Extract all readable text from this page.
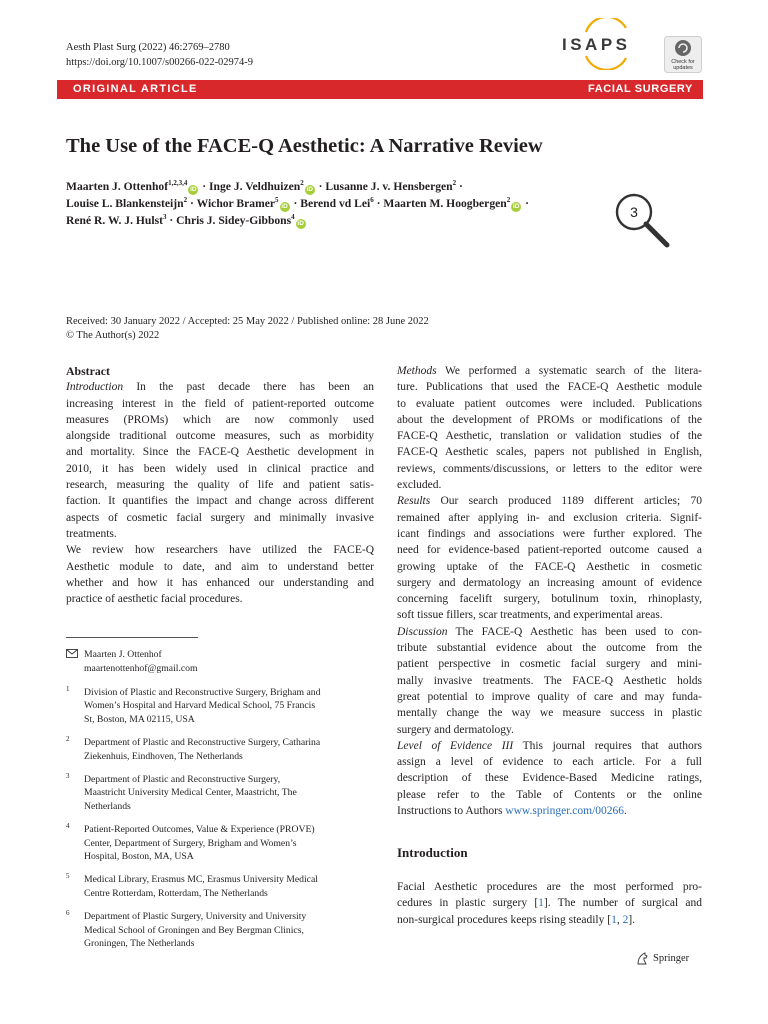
Aesth Plast Surg (2022) 46:2769–2780
https://doi.org/10.1007/s00266-022-02974-9
ISAPS
Check for
updates
ORIGINAL ARTICLE	FACIAL SURGERY
The Use of the FACE-Q Aesthetic: A Narrative Review
Maarten J. Ottenhof$^{1,2,3,4}$iD · Inge J. Veldhuizen$^2$iD · Lusanne J. v. Hensbergen$^2$ ·
Louise L. Blankensteijn$^2$ · Wichor Bramer$^5$iD · Berend vd Lei$^6$ · Maarten M. Hoogbergen$^2$iD ·
René R. W. J. Hulst$^3$ · Chris J. Sidey-Gibbons$^4$iD
3
Received: 30 January 2022 / Accepted: 25 May 2022 / Published online: 28 June 2022
© The Author(s) 2022
Abstract
Introduction In the past decade there has been an
increasing interest in the field of patient-reported outcome
measures (PROMs) which are now commonly used
alongside traditional outcome measures, such as morbidity
and mortality. Since the FACE-Q Aesthetic development in
2010, it has been widely used in clinical practice and
research, measuring the quality of life and patient satis-
faction. It quantifies the impact and change across different
aspects of cosmetic facial surgery and minimally invasive
treatments.
We review how researchers have utilized the FACE-Q
Aesthetic module to date, and aim to understand better
whether and how it has enhanced our understanding and
practice of aesthetic facial procedures.
Methods We performed a systematic search of the litera-
ture. Publications that used the FACE-Q Aesthetic module
to evaluate patient outcomes were included. Publications
about the development of PROMs or modifications of the
FACE-Q Aesthetic, translation or validation studies of the
FACE-Q Aesthetic scales, papers not published in English,
reviews, comments/discussions, or letters to the editor were
excluded.
Results Our search produced 1189 different articles; 70
remained after applying in- and exclusion criteria. Signif-
icant findings and associations were further explored. The
need for evidence-based patient-reported outcome caused a
growing uptake of the FACE-Q Aesthetic in cosmetic
surgery and dermatology an increasing amount of evidence
concerning facelift surgery, botulinum toxin, rhinoplasty,
soft tissue fillers, scar treatments, and experimental areas.
Discussion The FACE-Q Aesthetic has been used to con-
tribute substantial evidence about the outcome from the
patient perspective in cosmetic facial surgery and mini-
mally invasive treatments. The FACE-Q Aesthetic holds
great potential to improve quality of care and may funda-
mentally change the way we measure success in plastic
surgery and dermatology.
Level of Evidence III This journal requires that authors
assign a level of evidence to each article. For a full
description of these Evidence-Based Medicine ratings,
please refer to the Table of Contents or the online
Instructions to Authors www.springer.com/00266.
Maarten J. Ottenhof
maartenottenhof@gmail.com
1 Division of Plastic and Reconstructive Surgery, Brigham and
Women’s Hospital and Harvard Medical School, 75 Francis
St, Boston, MA 02115, USA
2 Department of Plastic and Reconstructive Surgery, Catharina
Ziekenhuis, Eindhoven, The Netherlands
3 Department of Plastic and Reconstructive Surgery,
Maastricht University Medical Center, Maastricht, The
Netherlands
4 Patient-Reported Outcomes, Value & Experience (PROVE)
Center, Department of Surgery, Brigham and Women’s
Hospital, Boston, MA, USA
5 Medical Library, Erasmus MC, Erasmus University Medical
Centre Rotterdam, Rotterdam, The Netherlands
6 Department of Plastic Surgery, University and University
Medical School of Groningen and Bey Bergman Clinics,
Groningen, The Netherlands
Introduction
Facial Aesthetic procedures are the most performed pro-
cedures in plastic surgery [1]. The number of surgical and
non-surgical procedures keeps rising steadily [1, 2].
Springer
